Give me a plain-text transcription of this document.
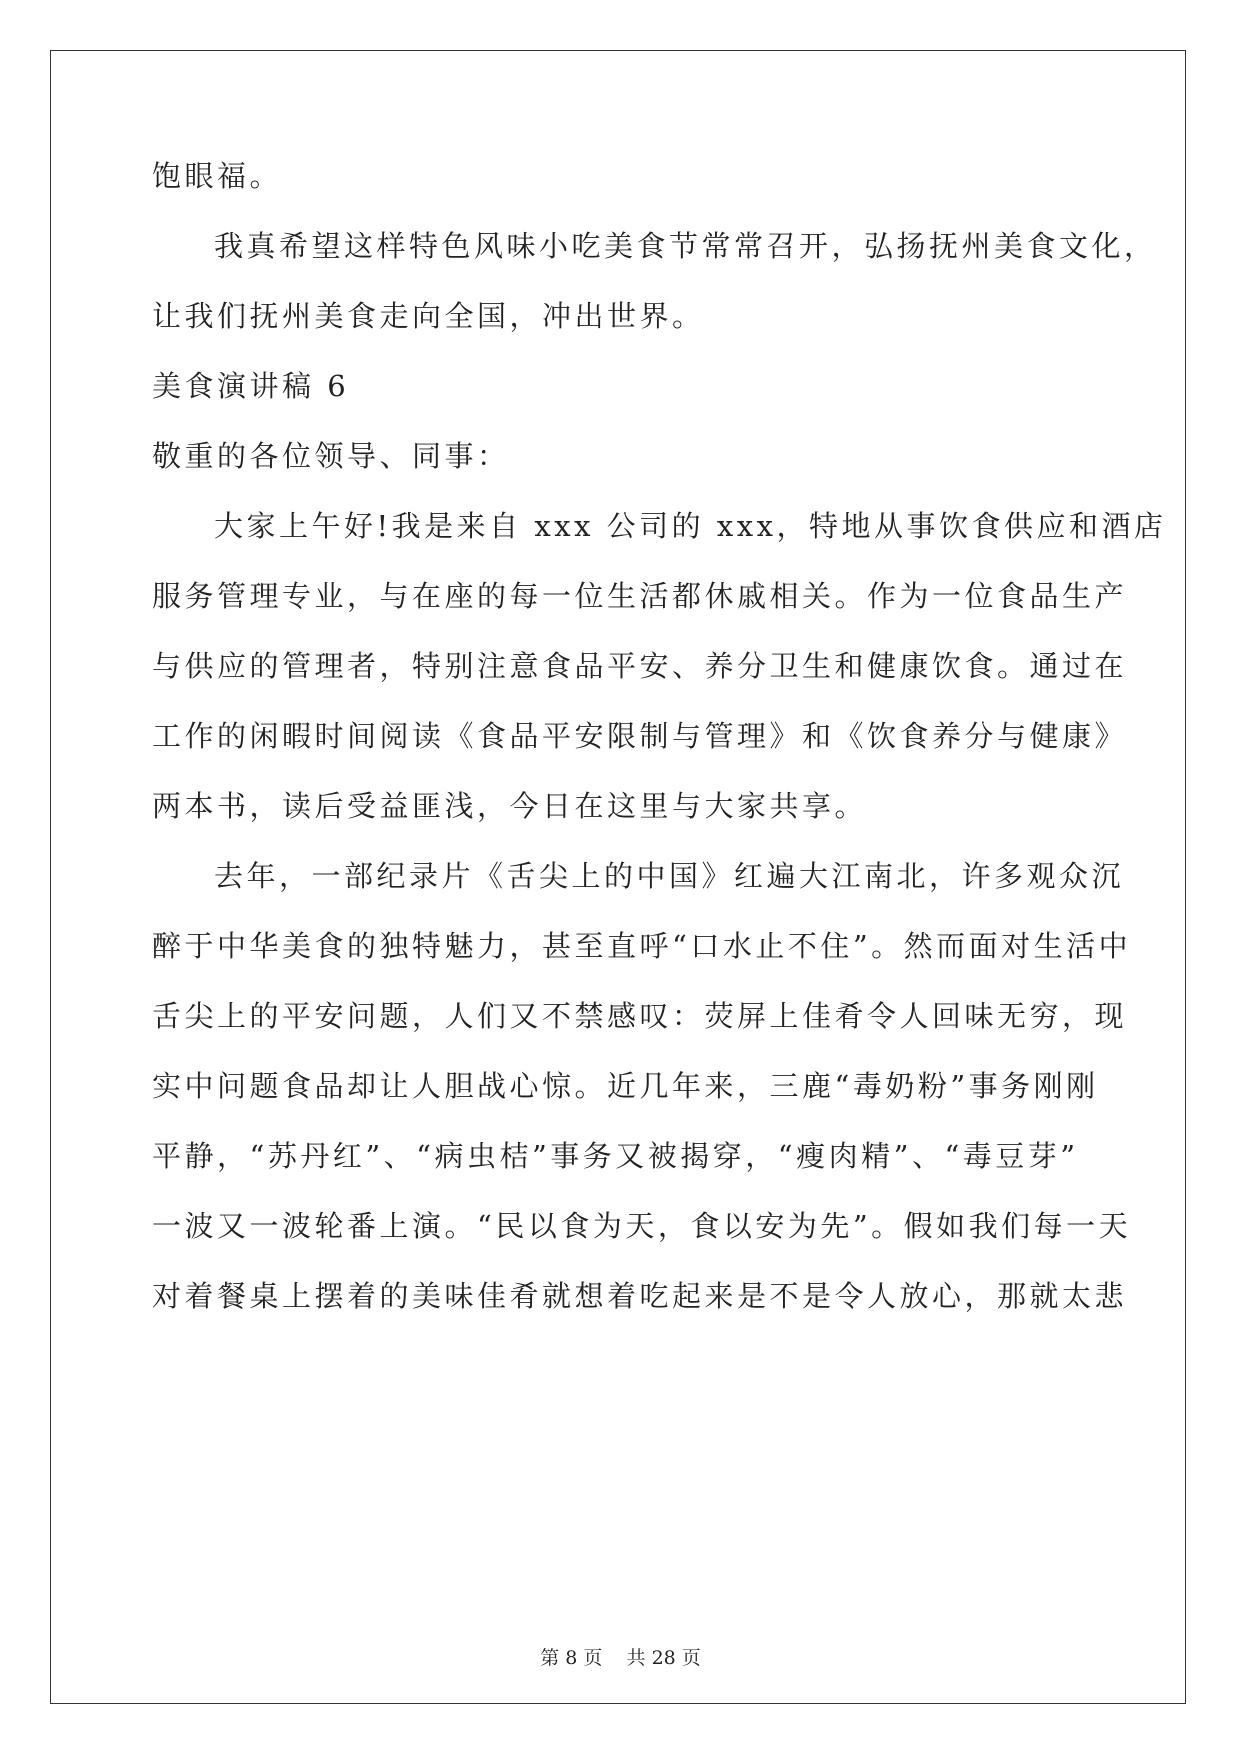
饱眼福。
我真希望这样特色风味小吃美食节常常召开，弘扬抚州美食文化，
让我们抚州美食走向全国，冲出世界。
美食演讲稿 6
敬重的各位领导、同事：
大家上午好!我是来自 xxx 公司的 xxx，特地从事饮食供应和酒店
服务管理专业，与在座的每一位生活都休戚相关。作为一位食品生产
与供应的管理者，特别注意食品平安、养分卫生和健康饮食。通过在
工作的闲暇时间阅读《食品平安限制与管理》和《饮食养分与健康》
两本书，读后受益匪浅，今日在这里与大家共享。
去年，一部纪录片《舌尖上的中国》红遍大江南北，许多观众沉
醉于中华美食的独特魅力，甚至直呼“口水止不住”。然而面对生活中
舌尖上的平安问题，人们又不禁感叹：荧屏上佳肴令人回味无穷，现
实中问题食品却让人胆战心惊。近几年来，三鹿“毒奶粉”事务刚刚
平静，“苏丹红”、“病虫桔”事务又被揭穿，“瘦肉精”、“毒豆芽”
一波又一波轮番上演。“民以食为天，食以安为先”。假如我们每一天
对着餐桌上摆着的美味佳肴就想着吃起来是不是令人放心，那就太悲
第 8 页    共 28 页
